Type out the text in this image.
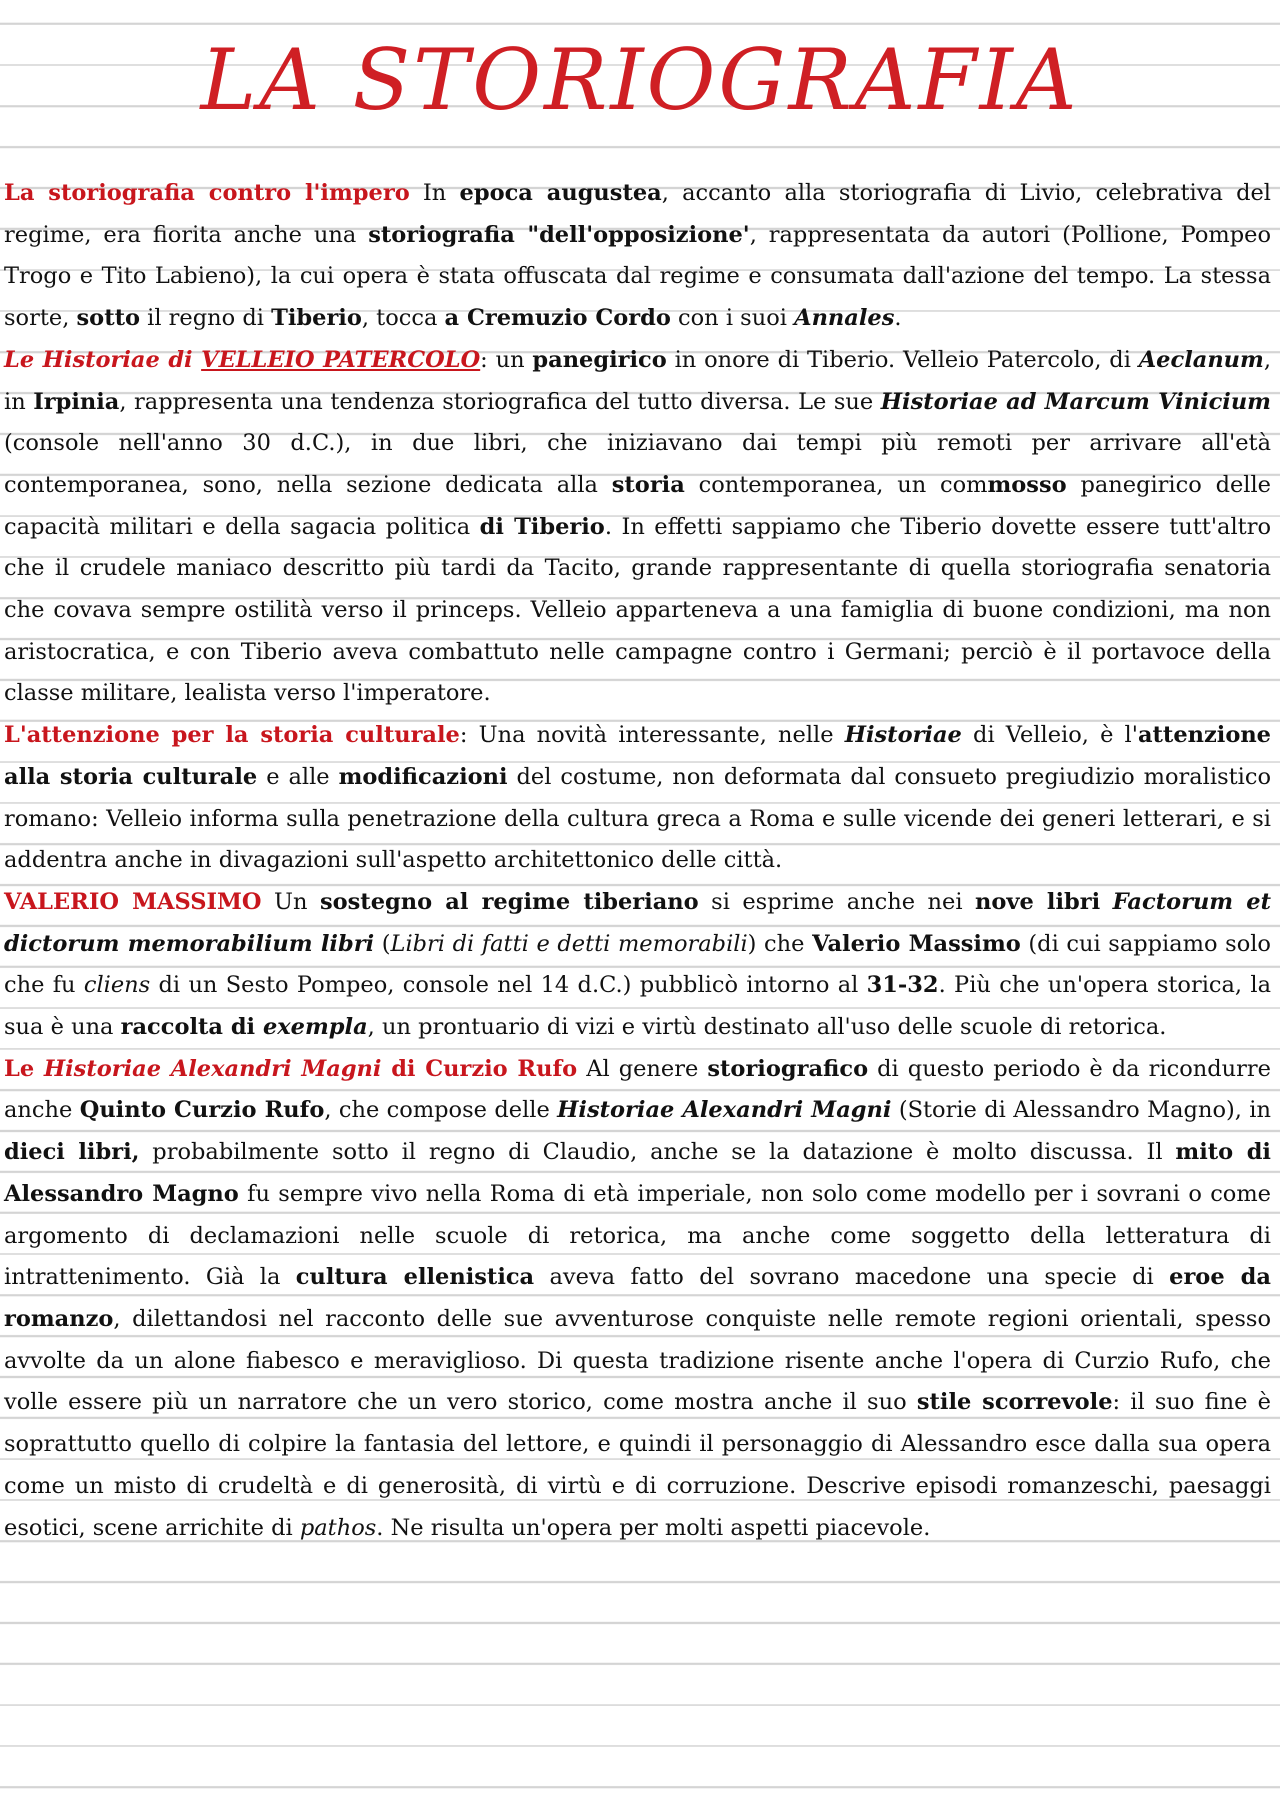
LA STORIOGRAFIA

La storiografia contro l'impero In epoca augustea, accanto alla storiografia di Livio, celebrativa del regime, era fiorita anche una storiografia "dell'opposizione', rappresentata da autori (Pollione, Pompeo Trogo e Tito Labieno), la cui opera è stata offuscata dal regime e consumata dall'azione del tempo. La stessa sorte, sotto il regno di Tiberio, tocca a Cremuzio Cordo con i suoi Annales.

Le Historiae di VELLEIO PATERCOLO: un panegirico in onore di Tiberio. Velleio Patercolo, di Aeclanum, in Irpinia, rappresenta una tendenza storiografica del tutto diversa. Le sue Historiae ad Marcum Vinicium (console nell'anno 30 d.C.), in due libri, che iniziavano dai tempi più remoti per arrivare all'età contemporanea, sono, nella sezione dedicata alla storia contemporanea, un commosso panegirico delle capacità militari e della sagacia politica di Tiberio. In effetti sappiamo che Tiberio dovette essere tutt'altro che il crudele maniaco descritto più tardi da Tacito, grande rappresentante di quella storiografia senatoria che covava sempre ostilità verso il princeps. Velleio apparteneva a una famiglia di buone condizioni, ma non aristocratica, e con Tiberio aveva combattuto nelle campagne contro i Germani; perciò è il portavoce della classe militare, lealista verso l'imperatore.

L'attenzione per la storia culturale: Una novità interessante, nelle Historiae di Velleio, è l'attenzione alla storia culturale e alle modificazioni del costume, non deformata dal consueto pregiudizio moralistico romano: Velleio informa sulla penetrazione della cultura greca a Roma e sulle vicende dei generi letterari, e si addentra anche in divagazioni sull'aspetto architettonico delle città.

VALERIO MASSIMO Un sostegno al regime tiberiano si esprime anche nei nove libri Factorum et dictorum memorabilium libri (Libri di fatti e detti memorabili) che Valerio Massimo (di cui sappiamo solo che fu cliens di un Sesto Pompeo, console nel 14 d.C.) pubblicò intorno al 31-32. Più che un'opera storica, la sua è una raccolta di exempla, un prontuario di vizi e virtù destinato all'uso delle scuole di retorica.

Le Historiae Alexandri Magni di Curzio Rufo Al genere storiografico di questo periodo è da ricondurre anche Quinto Curzio Rufo, che compose delle Historiae Alexandri Magni (Storie di Alessandro Magno), in dieci libri, probabilmente sotto il regno di Claudio, anche se la datazione è molto discussa. Il mito di Alessandro Magno fu sempre vivo nella Roma di età imperiale, non solo come modello per i sovrani o come argomento di declamazioni nelle scuole di retorica, ma anche come soggetto della letteratura di intrattenimento. Già la cultura ellenistica aveva fatto del sovrano macedone una specie di eroe da romanzo, dilettandosi nel racconto delle sue avventurose conquiste nelle remote regioni orientali, spesso avvolte da un alone fiabesco e meraviglioso. Di questa tradizione risente anche l'opera di Curzio Rufo, che volle essere più un narratore che un vero storico, come mostra anche il suo stile scorrevole: il suo fine è soprattutto quello di colpire la fantasia del lettore, e quindi il personaggio di Alessandro esce dalla sua opera come un misto di crudeltà e di generosità, di virtù e di corruzione. Descrive episodi romanzeschi, paesaggi esotici, scene arrichite di pathos. Ne risulta un'opera per molti aspetti piacevole.
